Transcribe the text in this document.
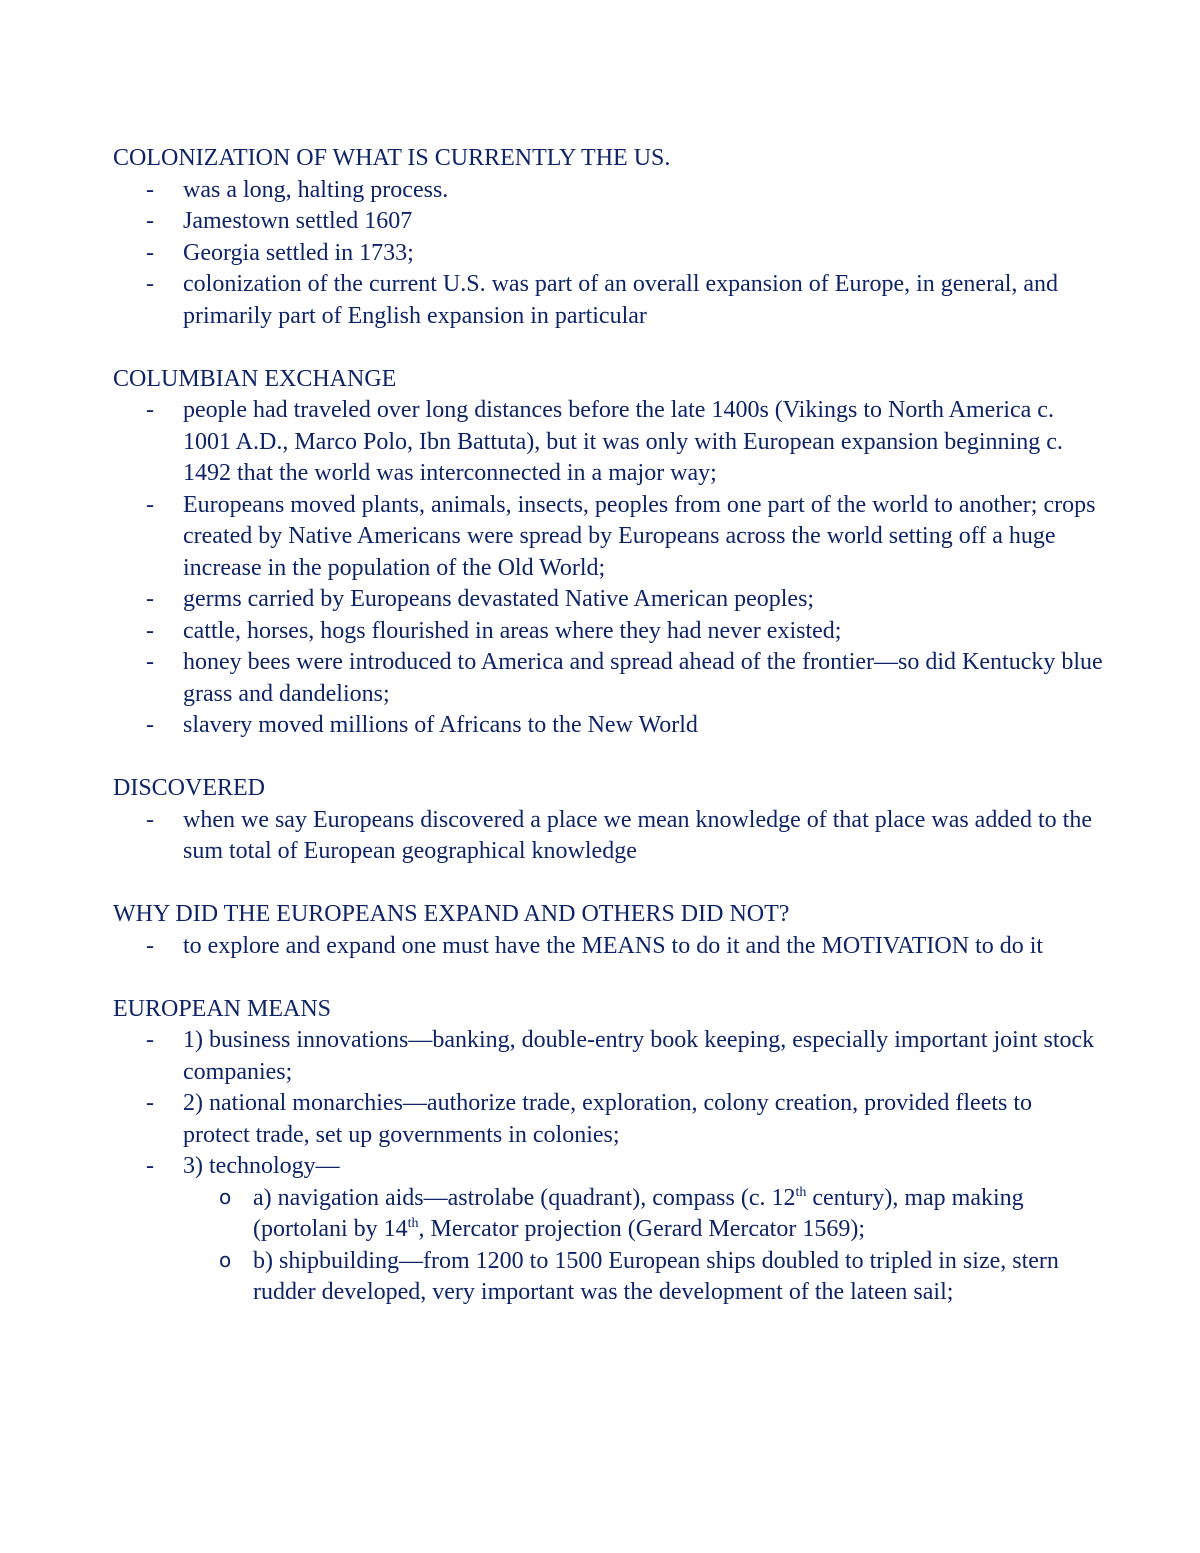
COLONIZATION OF WHAT IS CURRENTLY THE US.

- was a long, halting process.
- Jamestown settled 1607
- Georgia settled in 1733;
- colonization of the current U.S. was part of an overall expansion of Europe, in general, and primarily part of English expansion in particular

COLUMBIAN EXCHANGE

- people had traveled over long distances before the late 1400s (Vikings to North America c. 1001 A.D., Marco Polo, Ibn Battuta), but it was only with European expansion beginning c. 1492 that the world was interconnected in a major way;
- Europeans moved plants, animals, insects, peoples from one part of the world to another; crops created by Native Americans were spread by Europeans across the world setting off a huge increase in the population of the Old World;
- germs carried by Europeans devastated Native American peoples;
- cattle, horses, hogs flourished in areas where they had never existed;
- honey bees were introduced to America and spread ahead of the frontier—so did Kentucky blue grass and dandelions;
- slavery moved millions of Africans to the New World

DISCOVERED

- when we say Europeans discovered a place we mean knowledge of that place was added to the sum total of European geographical knowledge

WHY DID THE EUROPEANS EXPAND AND OTHERS DID NOT?

- to explore and expand one must have the MEANS to do it and the MOTIVATION to do it

EUROPEAN MEANS

- 1) business innovations—banking, double-entry book keeping, especially important joint stock companies;
- 2) national monarchies—authorize trade, exploration, colony creation, provided fleets to protect trade, set up governments in colonies;
- 3) technology—
o a) navigation aids—astrolabe (quadrant), compass (c. 12th century), map making (portolani by 14th, Mercator projection (Gerard Mercator 1569);
o b) shipbuilding—from 1200 to 1500 European ships doubled to tripled in size, stern rudder developed, very important was the development of the lateen sail;
